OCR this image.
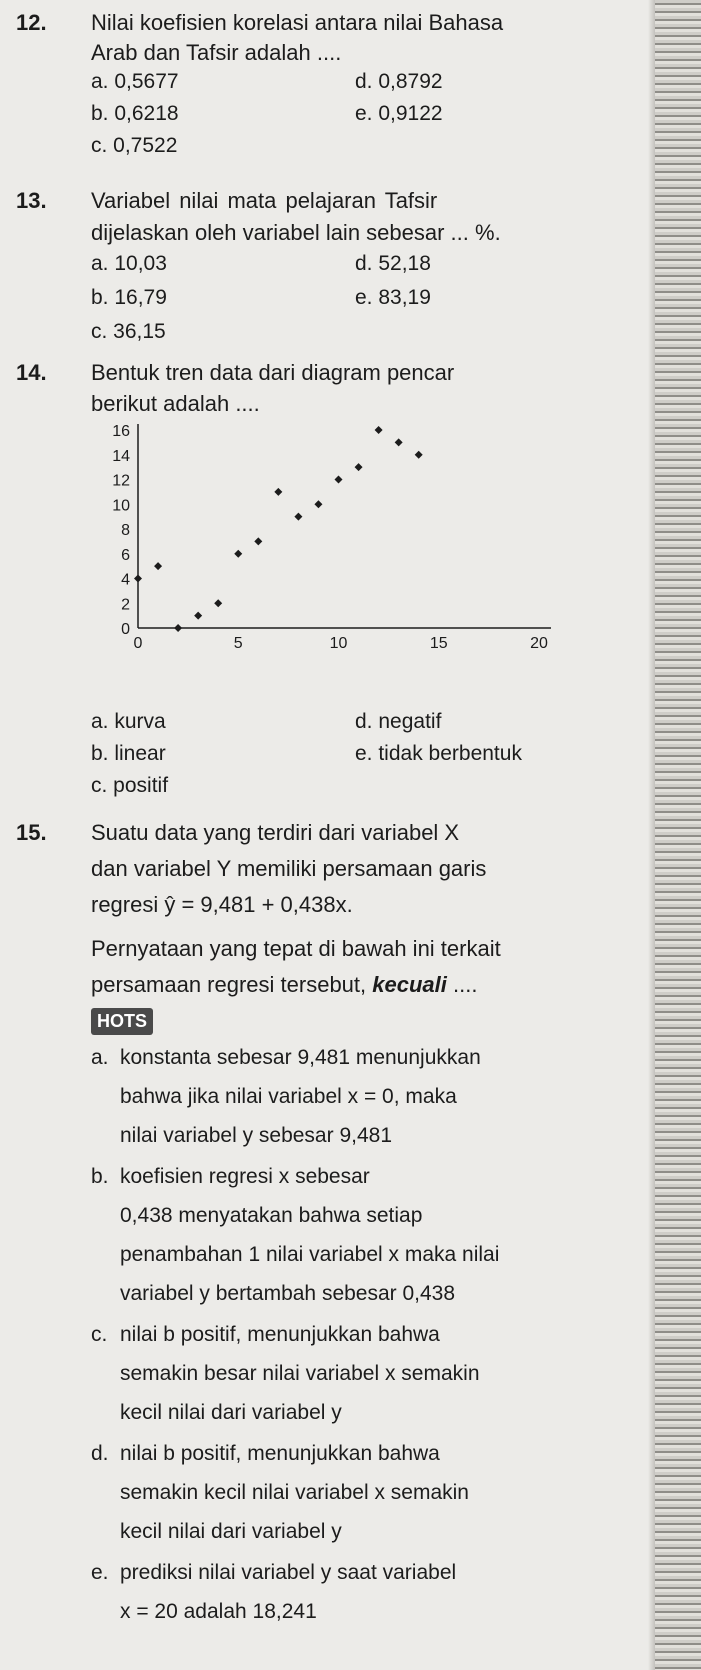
12. Nilai koefisien korelasi antara nilai Bahasa
Arab dan Tafsir adalah ....
a. 0,5677
b. 0,6218
c. 0,7522
d. 0,8792
e. 0,9122
13. Variabel nilai mata pelajaran Tafsir
dijelaskan oleh variabel lain sebesar ... %.
a. 10,03
b. 16,79
c. 36,15
d. 52,18
e. 83,19
14. Bentuk tren data dari diagram pencar
berikut adalah ....
16
14
12
10
8
6
4
2
0
0	5	10	15	20
a. kurva
b. linear
c. positif
d. negatif
e. tidak berbentuk
15. Suatu data yang terdiri dari variabel X
dan variabel Y memiliki persamaan garis
regresi ŷ = 9,481 + 0,438x.
Pernyataan yang tepat di bawah ini terkait
persamaan regresi tersebut, kecuali ....
HOTS
a. konstanta sebesar 9,481 menunjukkan
bahwa jika nilai variabel x = 0, maka
nilai variabel y sebesar 9,481
b. koefisien regresi x sebesar
0,438 menyatakan bahwa setiap
penambahan 1 nilai variabel x maka nilai
variabel y bertambah sebesar 0,438
c. nilai b positif, menunjukkan bahwa
semakin besar nilai variabel x semakin
kecil nilai dari variabel y
d. nilai b positif, menunjukkan bahwa
semakin kecil nilai variabel x semakin
kecil nilai dari variabel y
e. prediksi nilai variabel y saat variabel
x = 20 adalah 18,241
